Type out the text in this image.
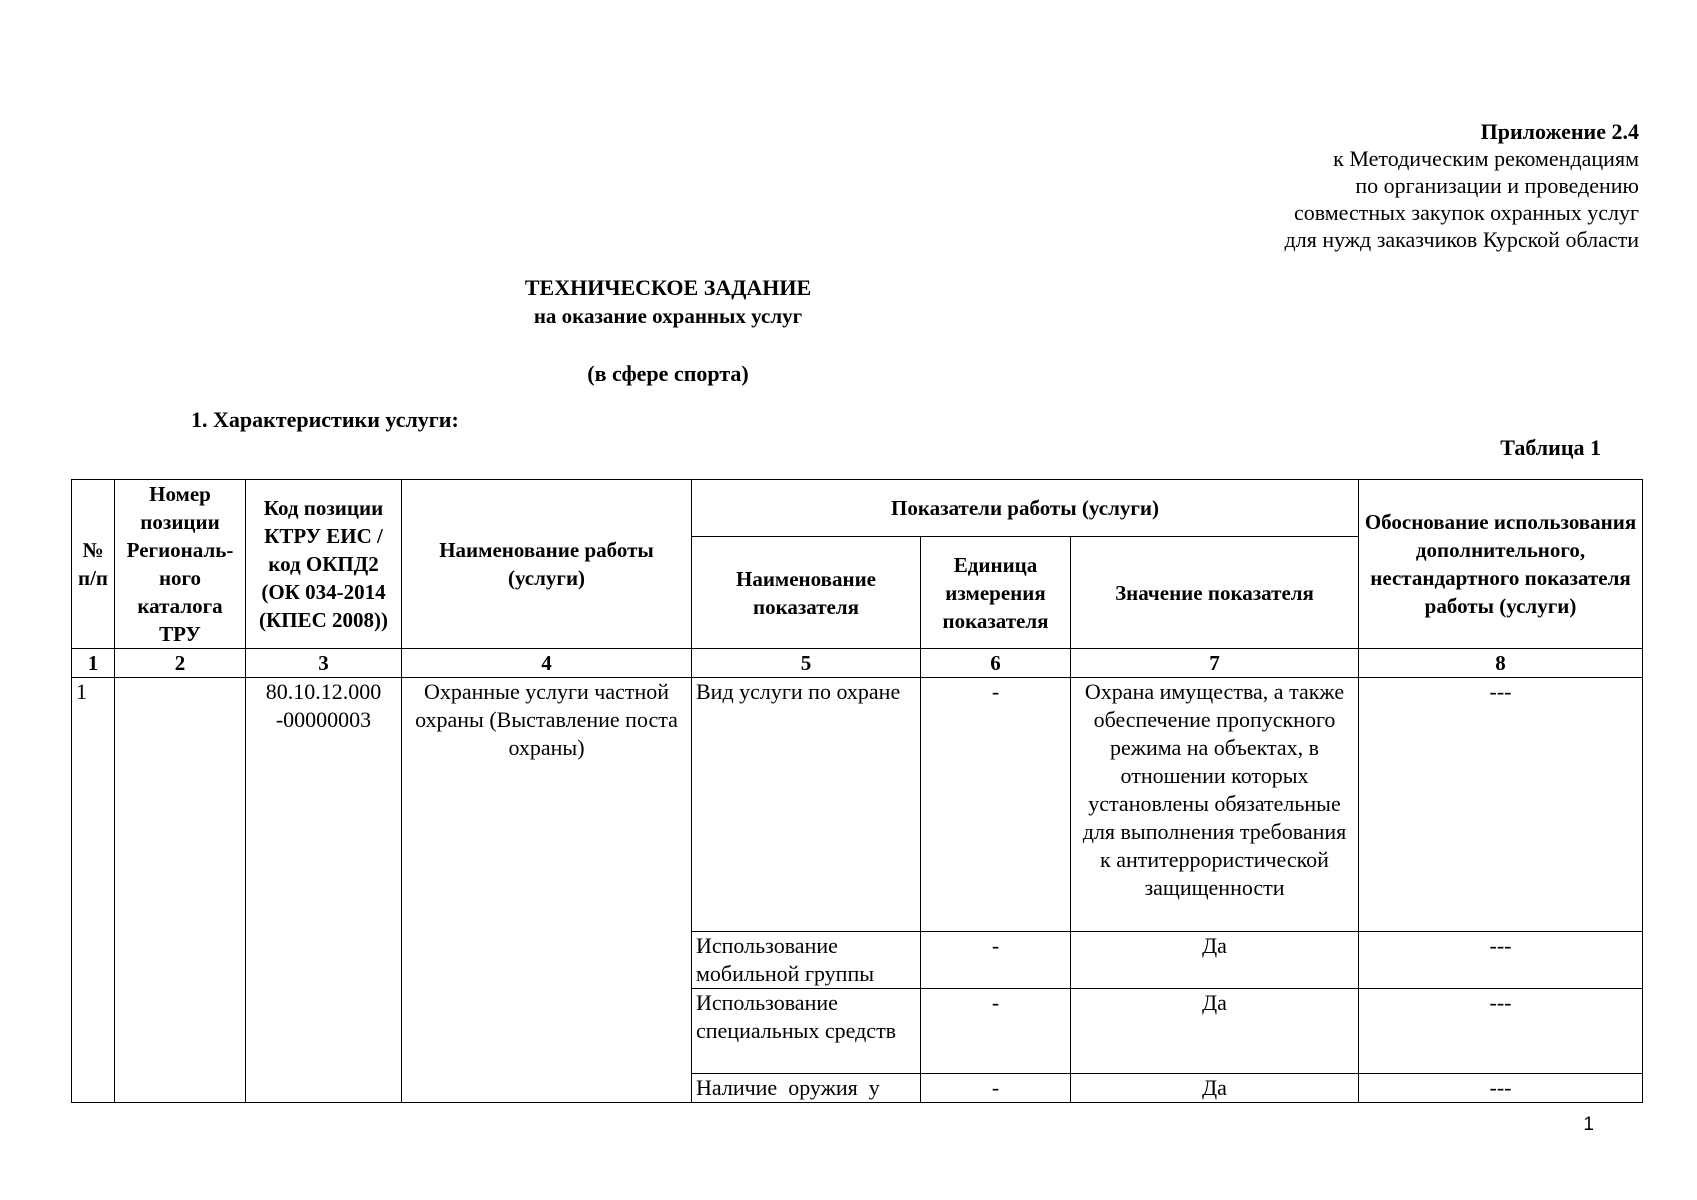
Приложение 2.4
к Методическим рекомендациям
по организации и проведению
совместных закупок охранных услуг
для нужд заказчиков Курской области
ТЕХНИЧЕСКОЕ ЗАДАНИЕ
на оказание охранных услуг
(в сфере спорта)
1. Характеристики услуги:
Таблица 1
№ п/п	Номер позиции Региональ-ного каталога ТРУ	Код позиции КТРУ ЕИС / код ОКПД2 (ОК 034-2014 (КПЕС 2008))	Наименование работы (услуги)	Показатели работы (услуги)			Обоснование использования дополнительного, нестандартного показателя работы (услуги)
				Наименование показателя	Единица измерения показателя	Значение показателя	
1	2	3	4	5	6	7	8
1		80.10.12.000 -00000003	Охранные услуги частной охраны (Выставление поста охраны)	Вид услуги по охране	-	Охрана имущества, а также обеспечение пропускного режима на объектах, в отношении которых установлены обязательные для выполнения требования к антитеррористической защищенности	---
				Использование мобильной группы	-	Да	---
				Использование специальных средств	-	Да	---
				Наличие  оружия  у	-	Да	---
1
